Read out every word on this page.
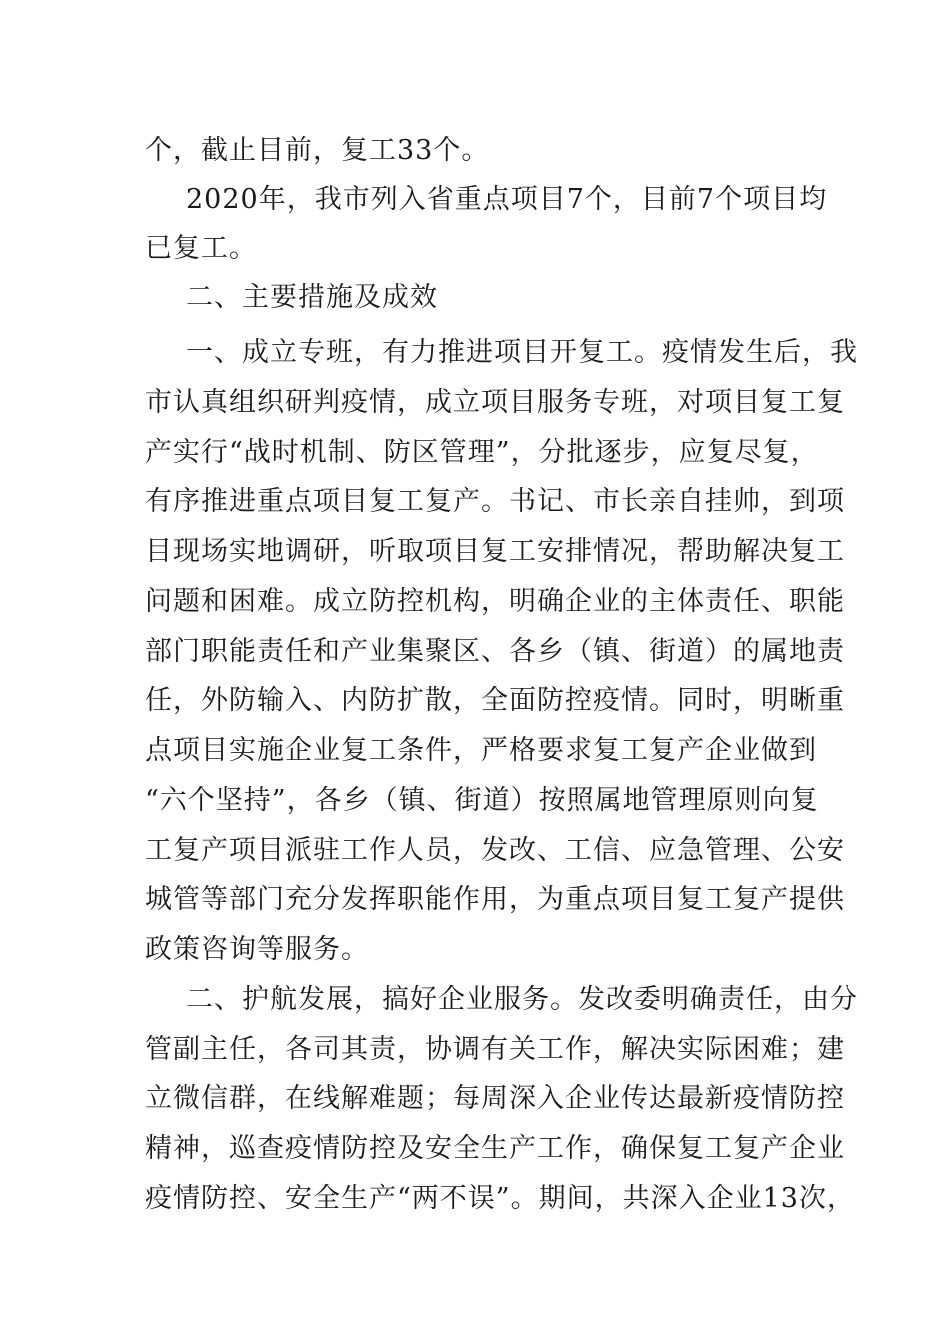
个，截止目前，复工33个。
2020年，我市列入省重点项目7个，目前7个项目均
已复工。
二、主要措施及成效
一、成立专班，有力推进项目开复工。疫情发生后，我
市认真组织研判疫情，成立项目服务专班，对项目复工复
产实行“战时机制、防区管理”，分批逐步，应复尽复，
有序推进重点项目复工复产。书记、市长亲自挂帅，到项
目现场实地调研，听取项目复工安排情况，帮助解决复工
问题和困难。成立防控机构，明确企业的主体责任、职能
部门职能责任和产业集聚区、各乡（镇、街道）的属地责
任，外防输入、内防扩散，全面防控疫情。同时，明晰重
点项目实施企业复工条件，严格要求复工复产企业做到
“六个坚持”，各乡（镇、街道）按照属地管理原则向复
工复产项目派驻工作人员，发改、工信、应急管理、公安
城管等部门充分发挥职能作用，为重点项目复工复产提供
政策咨询等服务。
二、护航发展，搞好企业服务。发改委明确责任，由分
管副主任，各司其责，协调有关工作，解决实际困难；建
立微信群，在线解难题；每周深入企业传达最新疫情防控
精神，巡查疫情防控及安全生产工作，确保复工复产企业
疫情防控、安全生产“两不误”。期间，共深入企业13次，
